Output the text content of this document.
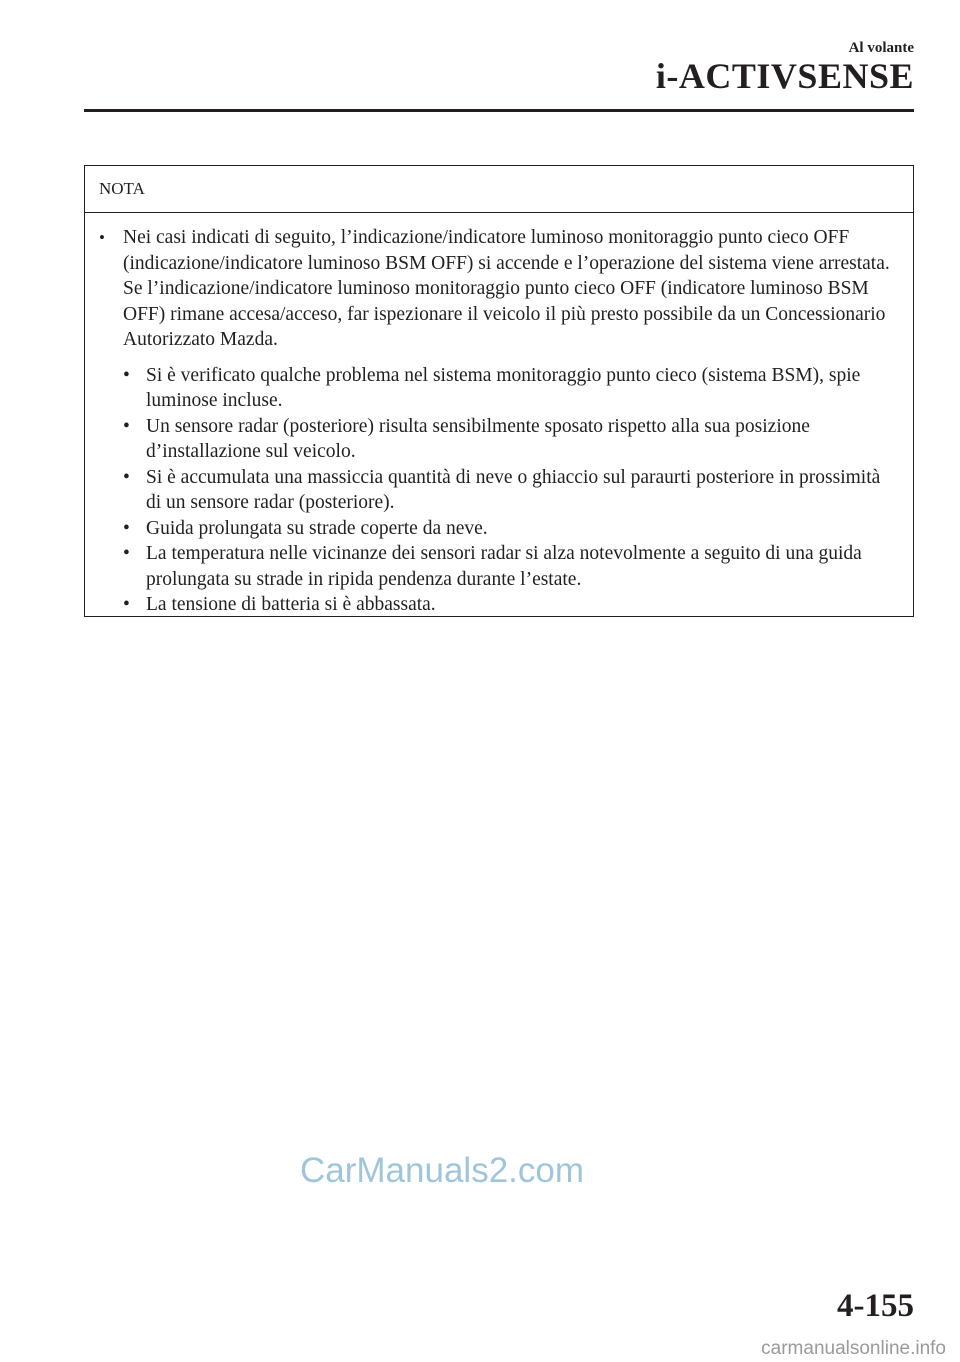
Al volante
i-ACTIVSENSE
NOTA
• Nei casi indicati di seguito, l’indicazione/indicatore luminoso monitoraggio punto cieco OFF (indicazione/indicatore luminoso BSM OFF) si accende e l’operazione del sistema viene arrestata. Se l’indicazione/indicatore luminoso monitoraggio punto cieco OFF (indicatore luminoso BSM OFF) rimane accesa/acceso, far ispezionare il veicolo il più presto possibile da un Concessionario Autorizzato Mazda.
• Si è verificato qualche problema nel sistema monitoraggio punto cieco (sistema BSM), spie luminose incluse.
• Un sensore radar (posteriore) risulta sensibilmente sposato rispetto alla sua posizione d’installazione sul veicolo.
• Si è accumulata una massiccia quantità di neve o ghiaccio sul paraurti posteriore in prossimità di un sensore radar (posteriore).
• Guida prolungata su strade coperte da neve.
• La temperatura nelle vicinanze dei sensori radar si alza notevolmente a seguito di una guida prolungata su strade in ripida pendenza durante l’estate.
• La tensione di batteria si è abbassata.
CarManuals2.com
4-155
carmanualsonline.info
